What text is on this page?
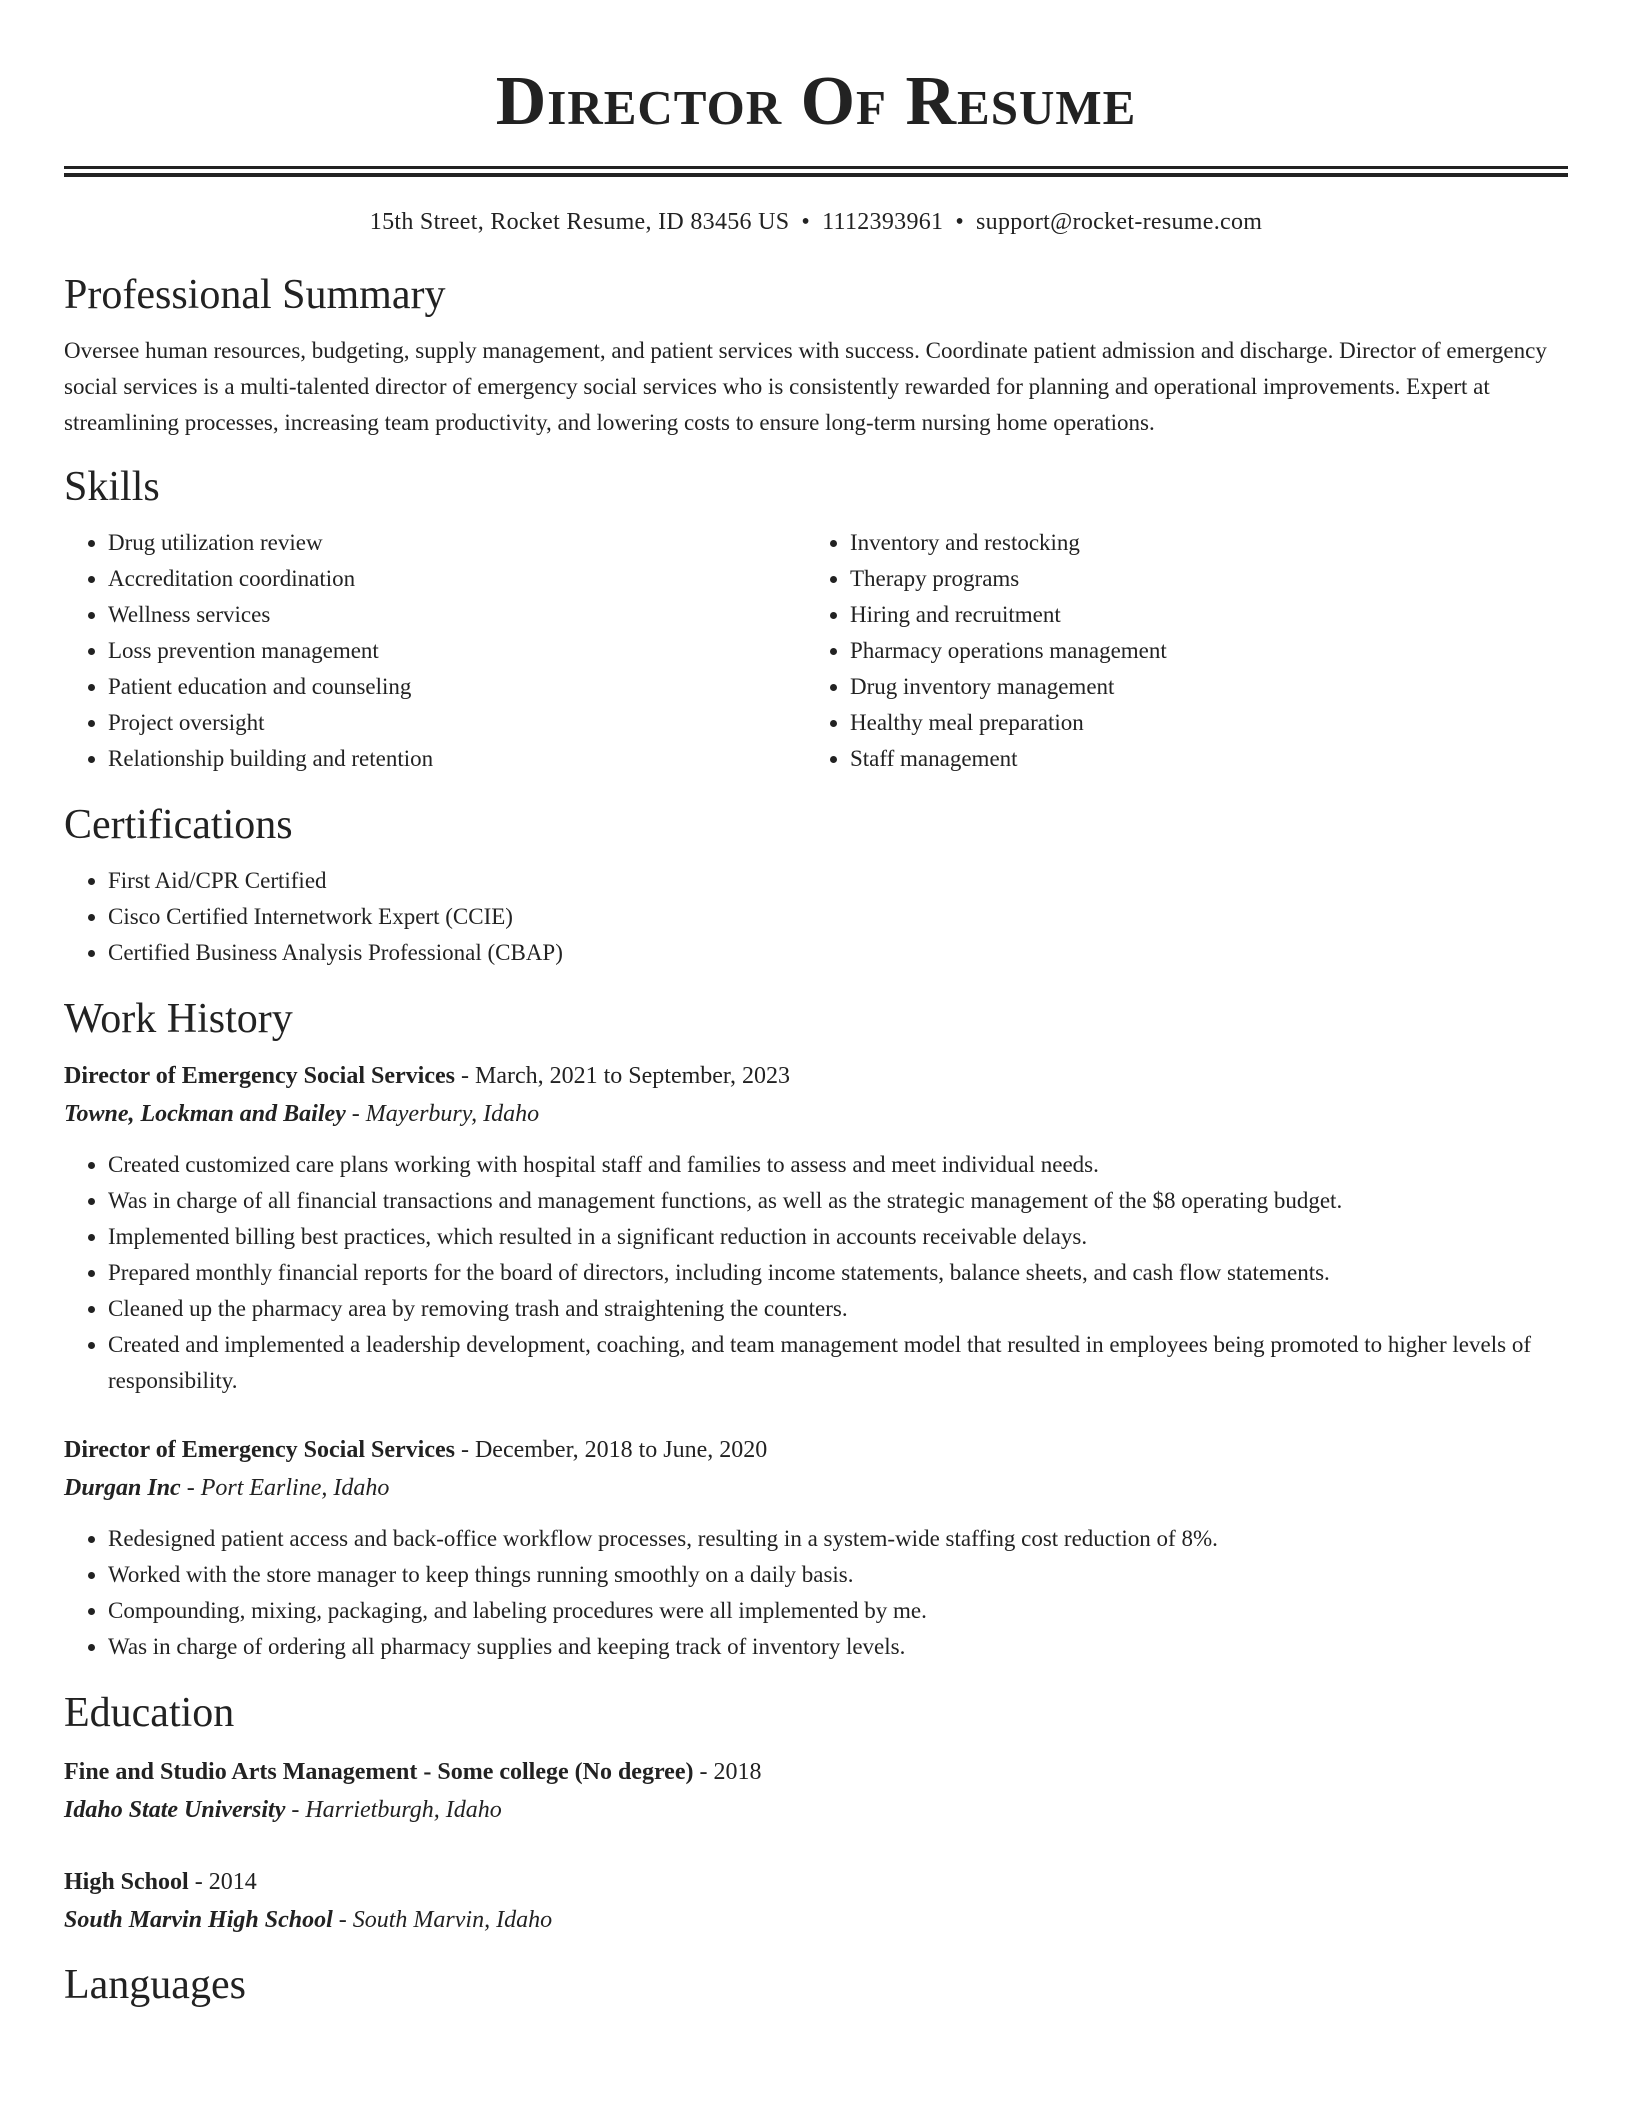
Director Of Resume
15th Street, Rocket Resume, ID 83456 US • 1112393961 • support@rocket-resume.com
Professional Summary

Oversee human resources, budgeting, supply management, and patient services with success. Coordinate patient admission and discharge. Director of emergency social services is a multi-talented director of emergency social services who is consistently rewarded for planning and operational improvements. Expert at streamlining processes, increasing team productivity, and lowering costs to ensure long-term nursing home operations.

Skills
• Drug utilization review
• Accreditation coordination
• Wellness services
• Loss prevention management
• Patient education and counseling
• Project oversight
• Relationship building and retention
• Inventory and restocking
• Therapy programs
• Hiring and recruitment
• Pharmacy operations management
• Drug inventory management
• Healthy meal preparation
• Staff management
Certifications
• First Aid/CPR Certified
• Cisco Certified Internetwork Expert (CCIE)
• Certified Business Analysis Professional (CBAP)
Work History

Director of Emergency Social Services - March, 2021 to September, 2023

Towne, Lockman and Bailey - Mayerbury, Idaho

• Created customized care plans working with hospital staff and families to assess and meet individual needs.
• Was in charge of all financial transactions and management functions, as well as the strategic management of the $8 operating budget.
• Implemented billing best practices, which resulted in a significant reduction in accounts receivable delays.
• Prepared monthly financial reports for the board of directors, including income statements, balance sheets, and cash flow statements.
• Cleaned up the pharmacy area by removing trash and straightening the counters.
• Created and implemented a leadership development, coaching, and team management model that resulted in employees being promoted to higher levels of responsibility.

Director of Emergency Social Services - December, 2018 to June, 2020

Durgan Inc - Port Earline, Idaho

• Redesigned patient access and back-office workflow processes, resulting in a system-wide staffing cost reduction of 8%.
• Worked with the store manager to keep things running smoothly on a daily basis.
• Compounding, mixing, packaging, and labeling procedures were all implemented by me.
• Was in charge of ordering all pharmacy supplies and keeping track of inventory levels.
Education

Fine and Studio Arts Management - Some college (No degree) - 2018

Idaho State University - Harrietburgh, Idaho

High School - 2014

South Marvin High School - South Marvin, Idaho

Languages
